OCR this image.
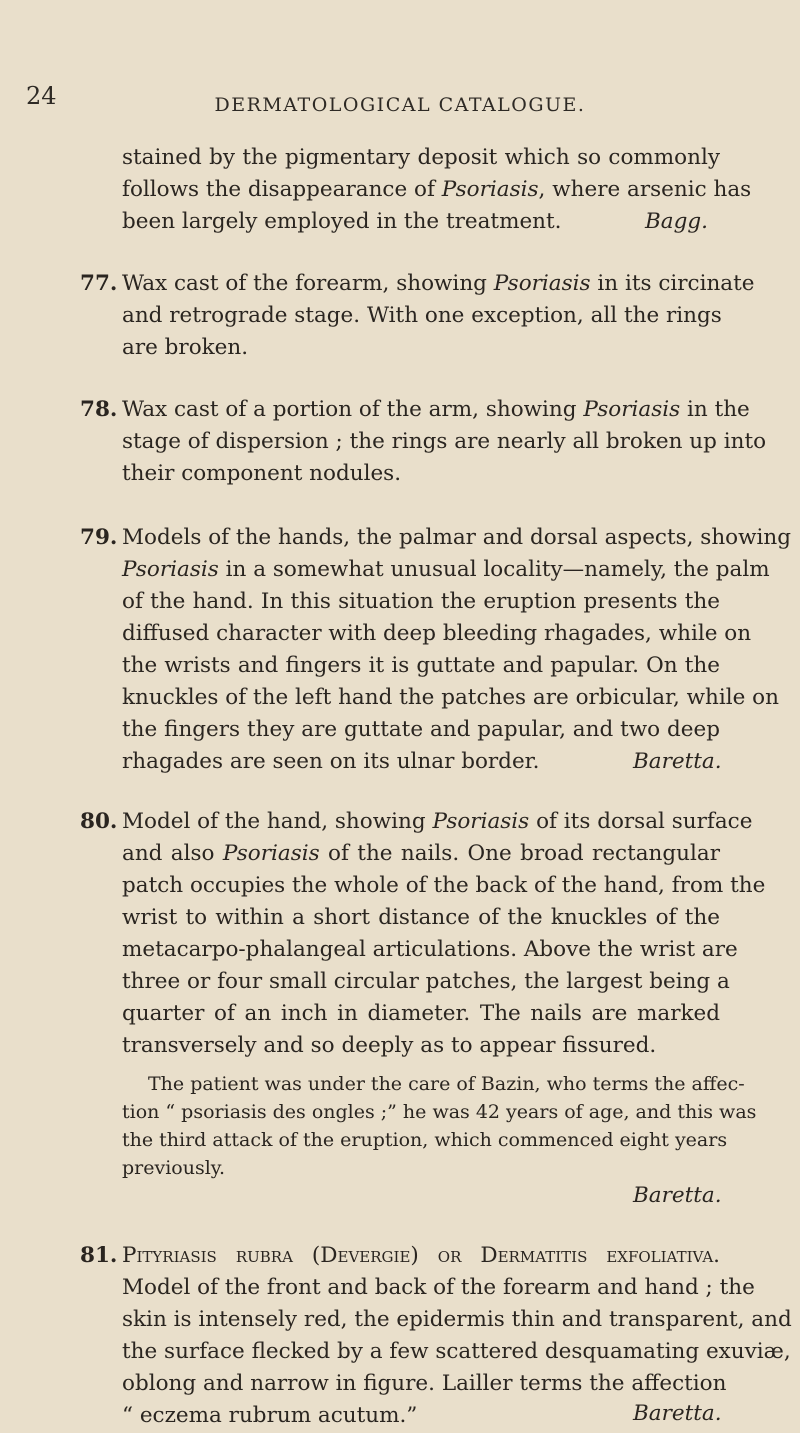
24	DERMATOLOGICAL CATALOGUE.
stained by the pigmentary deposit which so commonly
follows the disappearance of Psoriasis, where arsenic has
been largely employed in the treatment.	Bagg.
77. Wax cast of the forearm, showing Psoriasis in its circinate
and retrograde stage. With one exception, all the rings
are broken.
78. Wax cast of a portion of the arm, showing Psoriasis in the
stage of dispersion ; the rings are nearly all broken up into
their component nodules.
79. Models of the hands, the palmar and dorsal aspects, showing
Psoriasis in a somewhat unusual locality—namely, the palm
of the hand. In this situation the eruption presents the
diffused character with deep bleeding rhagades, while on
the wrists and fingers it is guttate and papular. On the
knuckles of the left hand the patches are orbicular, while on
the fingers they are guttate and papular, and two deep
rhagades are seen on its ulnar border.	Baretta.
80. Model of the hand, showing Psoriasis of its dorsal surface
and also Psoriasis of the nails. One broad rectangular
patch occupies the whole of the back of the hand, from the
wrist to within a short distance of the knuckles of the
metacarpo-phalangeal articulations. Above the wrist are
three or four small circular patches, the largest being a
quarter of an inch in diameter. The nails are marked
transversely and so deeply as to appear fissured.
The patient was under the care of Bazin, who terms the affec-
tion “ psoriasis des ongles ;” he was 42 years of age, and this was
the third attack of the eruption, which commenced eight years
previously.
Baretta.
81. Pityriasis rubra (Devergie) or Dermatitis exfoliativa.
Model of the front and back of the forearm and hand ; the
skin is intensely red, the epidermis thin and transparent, and
the surface flecked by a few scattered desquamating exuviæ,
oblong and narrow in figure. Lailler terms the affection
“ eczema rubrum acutum.”	Baretta.
